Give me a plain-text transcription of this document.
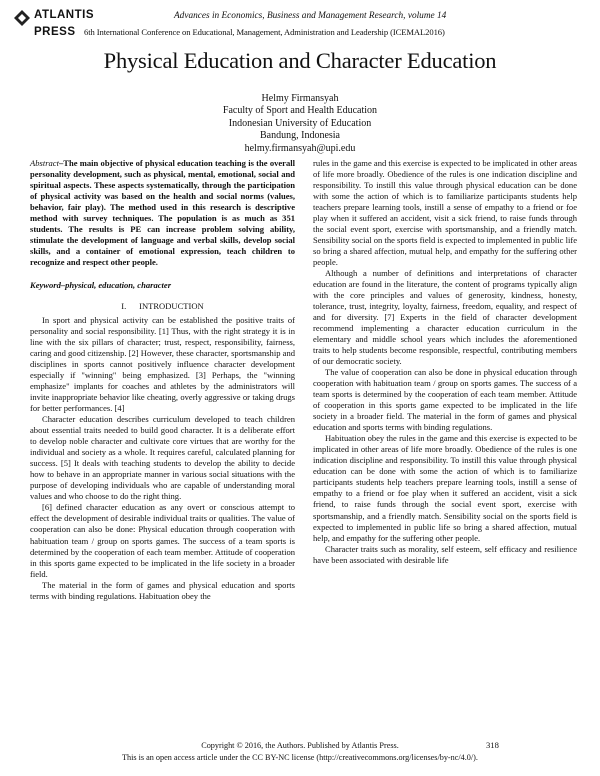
ATLANTIS
PRESS
Advances in Economics, Business and Management Research, volume 14
6th International Conference on Educational, Management, Administration and Leadership (ICEMAL2016)
Physical Education and Character Education
Helmy Firmansyah
Faculty of Sport and Health Education
Indonesian University of Education
Bandung, Indonesia
helmy.firmansyah@upi.edu

Abstract–The main objective of physical education teaching is the overall personality development, such as physical, mental, emotional, social and spiritual aspects. These aspects systematically, through the participation of physical activity was based on the health and social norms (values, behavior, fair play). The method used in this research is descriptive method with survey techniques. The population is as much as 351 students. The results is PE can increase problem solving ability, stimulate the development of language and verbal skills, develop social skills, and a container of emotional expression, teach children to recognize and respect other people.

Keyword–physical, education, character

I. INTRODUCTION

In sport and physical activity can be established the positive traits of personality and social responsibility. [1] Thus, with the right strategy it is in line with the six pillars of character; trust, respect, responsibility, fairness, caring and good citizenship. [2] However, these character, sportsmanship and disciplines in sports cannot positively influence character development especially if "winning" being emphasized. [3] Perhaps, the "winning emphasize" implants for coaches and athletes by the administrators will invite inappropriate behavior like cheating, overly aggressive or taking drugs for better performances. [4]

Character education describes curriculum developed to teach children about essential traits needed to build good character. It is a deliberate effort to develop noble character and cultivate core virtues that are worthy for the individual and society as a whole. It requires careful, calculated planning for success. [5] It deals with teaching students to develop the ability to decide how to behave in an appropriate manner in various social situations with the purpose of developing individuals who are capable of understanding moral values and who choose to do the right thing.

[6] defined character education as any overt or conscious attempt to effect the development of desirable individual traits or qualities. The value of cooperation can also be done: Physical education through cooperation with habituation team / group on sports games. The success of a team sports is determined by the cooperation of each team member. Attitude of cooperation in this sports game expected to be implicated in the life society in a broader field.

The material in the form of games and physical education and sports terms with binding regulations. Habituation obey the

rules in the game and this exercise is expected to be implicated in other areas of life more broadly. Obedience of the rules is one indication discipline and responsibility. To instill this value through physical education can be done with some the action of which is to familiarize participants students help teachers prepare learning tools, instill a sense of empathy to a friend or foe play when it suffered an accident, visit a sick friend, to raise funds through the social event sport, exercise with sportsmanship, and a friendly match. Sensibility social on the sports field is expected to implemented in public life so bring a shared affection, mutual help, and empathy for the suffering other people.

Although a number of definitions and interpretations of character education are found in the literature, the content of programs typically align with the core principles and values of generosity, kindness, honesty, tolerance, trust, integrity, loyalty, fairness, freedom, equality, and respect of and for diversity. [7] Experts in the field of character development recommend implementing a character education curriculum in the elementary and middle school years which includes the aforementioned traits to help students become responsible, respectful, contributing members of our democratic society.

The value of cooperation can also be done in physical education through cooperation with habituation team / group on sports games. The success of a team sports is determined by the cooperation of each team member. Attitude of cooperation in this sports game expected to be implicated in the life society in a broader field. The material in the form of games and physical education and sports terms with binding regulations.

Habituation obey the rules in the game and this exercise is expected to be implicated in other areas of life more broadly. Obedience of the rules is one indication discipline and responsibility. To instill this value through physical education can be done with some the action of which is to familiarize participants students help teachers prepare learning tools, instill a sense of empathy to a friend or foe play when it suffered an accident, visit a sick friend, to raise funds through the social event sport, exercise with sportsmanship, and a friendly match. Sensibility social on the sports field is expected to implemented in public life so bring a shared affection, mutual help, and empathy for the suffering other people.

Character traits such as morality, self esteem, self efficacy and resilience have been associated with desirable life

Copyright © 2016, the Authors. Published by Atlantis Press.
This is an open access article under the CC BY-NC license (http://creativecommons.org/licenses/by-nc/4.0/).
318
